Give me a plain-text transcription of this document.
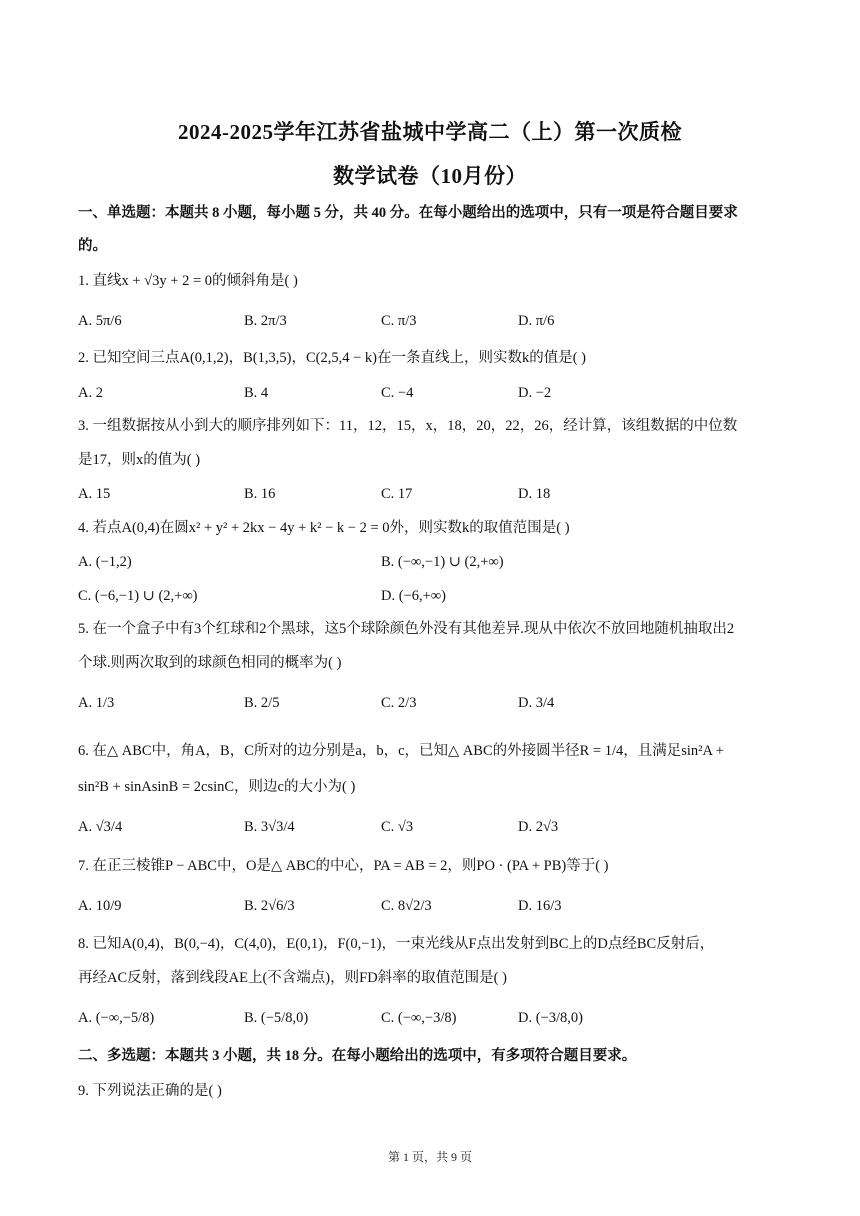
2024-2025学年江苏省盐城中学高二（上）第一次质检
数学试卷（10月份）
一、单选题：本题共 8 小题，每小题 5 分，共 40 分。在每小题给出的选项中，只有一项是符合题目要求
的。
1. 直线x + √3y + 2 = 0的倾斜角是( )
A. 5π/6	B. 2π/3	C. π/3	D. π/6
2. 已知空间三点A(0,1,2)，B(1,3,5)，C(2,5,4 − k)在一条直线上，则实数k的值是( )
A. 2	B. 4	C. −4	D. −2
3. 一组数据按从小到大的顺序排列如下：11，12，15，x，18，20，22，26，经计算，该组数据的中位数
是17，则x的值为( )
A. 15	B. 16	C. 17	D. 18
4. 若点A(0,4)在圆x² + y² + 2kx − 4y + k² − k − 2 = 0外，则实数k的取值范围是( )
A. (−1,2)	B. (−∞,−1) ∪ (2,+∞)
C. (−6,−1) ∪ (2,+∞)	D. (−6,+∞)
5. 在一个盒子中有3个红球和2个黑球，这5个球除颜色外没有其他差异.现从中依次不放回地随机抽取出2
个球.则两次取到的球颜色相同的概率为( )
A. 1/3	B. 2/5	C. 2/3	D. 3/4
6. 在△ ABC中，角A，B，C所对的边分别是a，b，c，已知△ ABC的外接圆半径R = 1/4，且满足sin²A +
sin²B + sinAsinB = 2csinC，则边c的大小为( )
A. √3/4	B. 3√3/4	C. √3	D. 2√3
7. 在正三棱锥P − ABC中，O是△ ABC的中心，PA = AB = 2，则PO · (PA + PB)等于( )
A. 10/9	B. 2√6/3	C. 8√2/3	D. 16/3
8. 已知A(0,4)，B(0,−4)，C(4,0)，E(0,1)，F(0,−1)，一束光线从F点出发射到BC上的D点经BC反射后，
再经AC反射，落到线段AE上(不含端点)，则FD斜率的取值范围是( )
A. (−∞,−5/8)	B. (−5/8,0)	C. (−∞,−3/8)	D. (−3/8,0)
二、多选题：本题共 3 小题，共 18 分。在每小题给出的选项中，有多项符合题目要求。
9. 下列说法正确的是( )
第 1 页，共 9 页
